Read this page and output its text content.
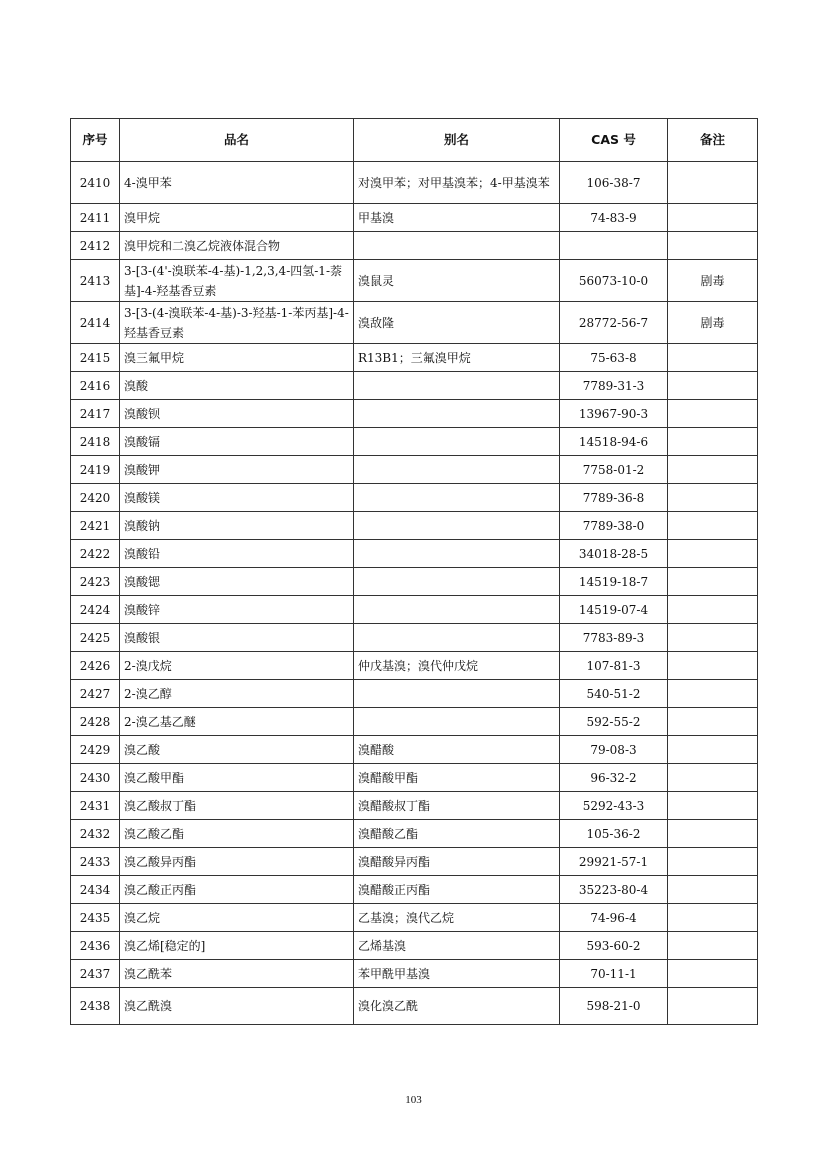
序号	品名	别名	CAS 号	备注
2410	4-溴甲苯	对溴甲苯；对甲基溴苯；4-甲基溴苯	106-38-7	
2411	溴甲烷	甲基溴	74-83-9	
2412	溴甲烷和二溴乙烷液体混合物			
2413	3-[3-(4'-溴联苯-4-基)-1,2,3,4-四氢-1-萘基]-4-羟基香豆素	溴鼠灵	56073-10-0	剧毒
2414	3-[3-(4-溴联苯-4-基)-3-羟基-1-苯丙基]-4-羟基香豆素	溴敌隆	28772-56-7	剧毒
2415	溴三氟甲烷	R13B1；三氟溴甲烷	75-63-8	
2416	溴酸		7789-31-3	
2417	溴酸钡		13967-90-3	
2418	溴酸镉		14518-94-6	
2419	溴酸钾		7758-01-2	
2420	溴酸镁		7789-36-8	
2421	溴酸钠		7789-38-0	
2422	溴酸铅		34018-28-5	
2423	溴酸锶		14519-18-7	
2424	溴酸锌		14519-07-4	
2425	溴酸银		7783-89-3	
2426	2-溴戊烷	仲戊基溴；溴代仲戊烷	107-81-3	
2427	2-溴乙醇		540-51-2	
2428	2-溴乙基乙醚		592-55-2	
2429	溴乙酸	溴醋酸	79-08-3	
2430	溴乙酸甲酯	溴醋酸甲酯	96-32-2	
2431	溴乙酸叔丁酯	溴醋酸叔丁酯	5292-43-3	
2432	溴乙酸乙酯	溴醋酸乙酯	105-36-2	
2433	溴乙酸异丙酯	溴醋酸异丙酯	29921-57-1	
2434	溴乙酸正丙酯	溴醋酸正丙酯	35223-80-4	
2435	溴乙烷	乙基溴；溴代乙烷	74-96-4	
2436	溴乙烯[稳定的]	乙烯基溴	593-60-2	
2437	溴乙酰苯	苯甲酰甲基溴	70-11-1	
2438	溴乙酰溴	溴化溴乙酰	598-21-0	
103
